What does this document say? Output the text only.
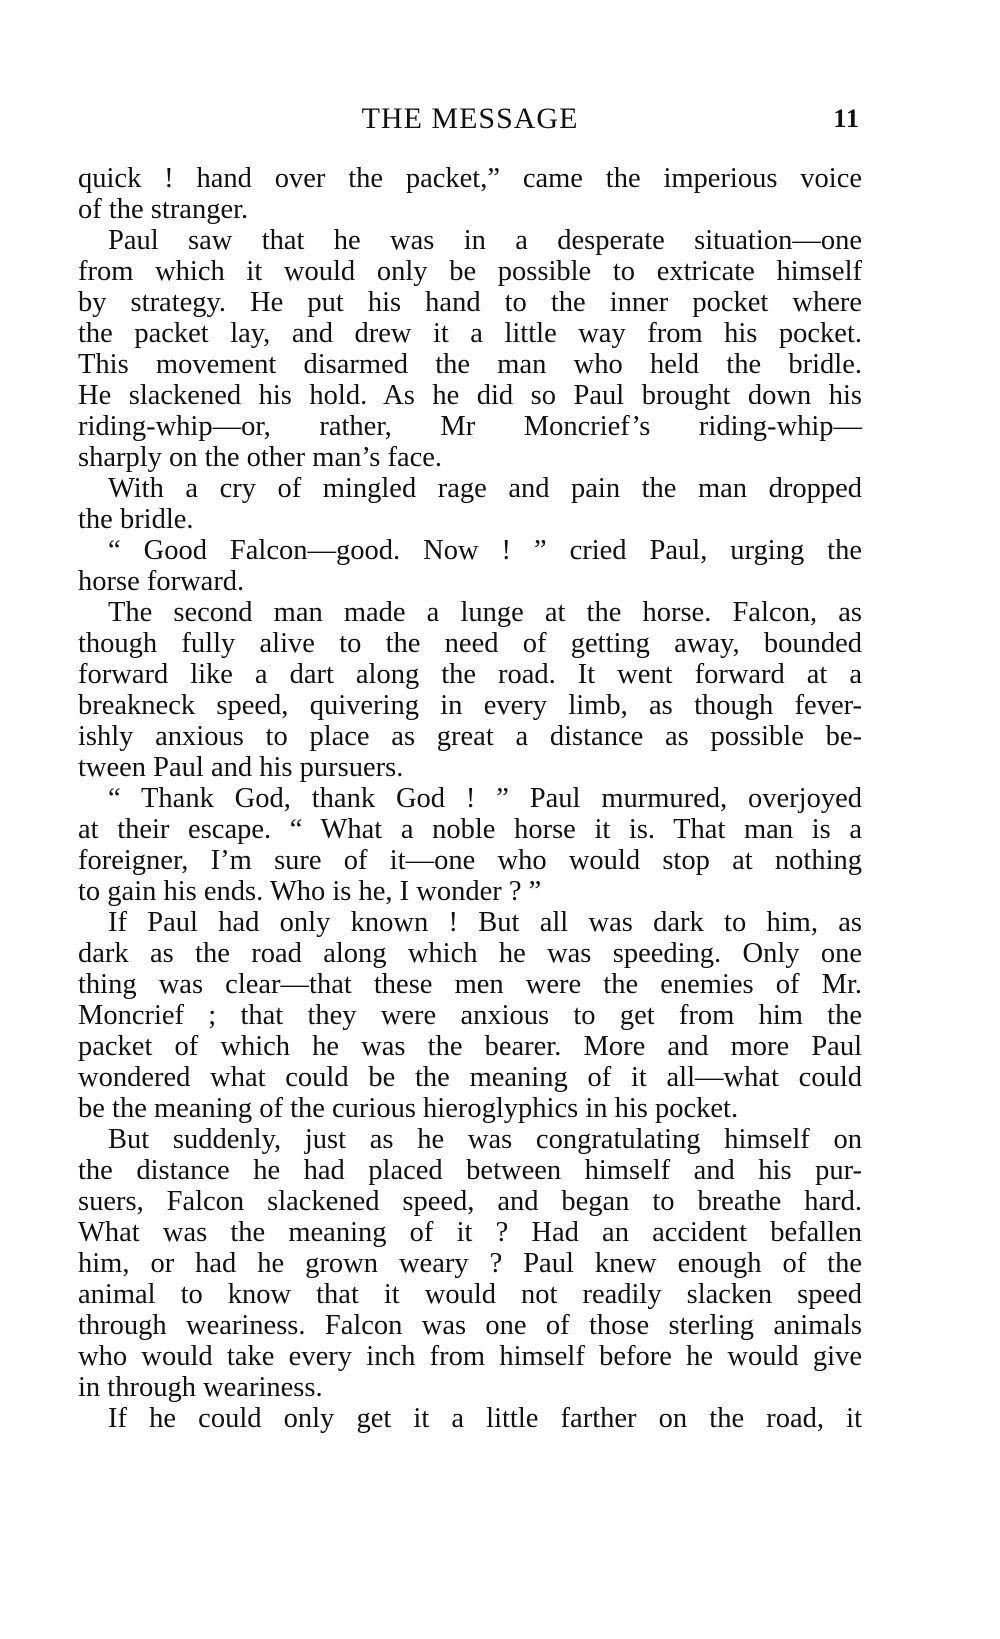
THE MESSAGE	11
quick ! hand over the packet,” came the imperious voice
of the stranger.
Paul saw that he was in a desperate situation—one
from which it would only be possible to extricate himself
by strategy. He put his hand to the inner pocket where
the packet lay, and drew it a little way from his pocket.
This movement disarmed the man who held the bridle.
He slackened his hold. As he did so Paul brought down his
riding-whip—or, rather, Mr Moncrief’s riding-whip—
sharply on the other man’s face.
With a cry of mingled rage and pain the man dropped
the bridle.
“ Good Falcon—good. Now ! ” cried Paul, urging the
horse forward.
The second man made a lunge at the horse. Falcon, as
though fully alive to the need of getting away, bounded
forward like a dart along the road. It went forward at a
breakneck speed, quivering in every limb, as though fever-
ishly anxious to place as great a distance as possible be-
tween Paul and his pursuers.
“ Thank God, thank God ! ” Paul murmured, overjoyed
at their escape. “ What a noble horse it is. That man is a
foreigner, I’m sure of it—one who would stop at nothing
to gain his ends. Who is he, I wonder ? ”
If Paul had only known ! But all was dark to him, as
dark as the road along which he was speeding. Only one
thing was clear—that these men were the enemies of Mr.
Moncrief ; that they were anxious to get from him the
packet of which he was the bearer. More and more Paul
wondered what could be the meaning of it all—what could
be the meaning of the curious hieroglyphics in his pocket.
But suddenly, just as he was congratulating himself on
the distance he had placed between himself and his pur-
suers, Falcon slackened speed, and began to breathe hard.
What was the meaning of it ? Had an accident befallen
him, or had he grown weary ? Paul knew enough of the
animal to know that it would not readily slacken speed
through weariness. Falcon was one of those sterling animals
who would take every inch from himself before he would give
in through weariness.
If he could only get it a little farther on the road, it
